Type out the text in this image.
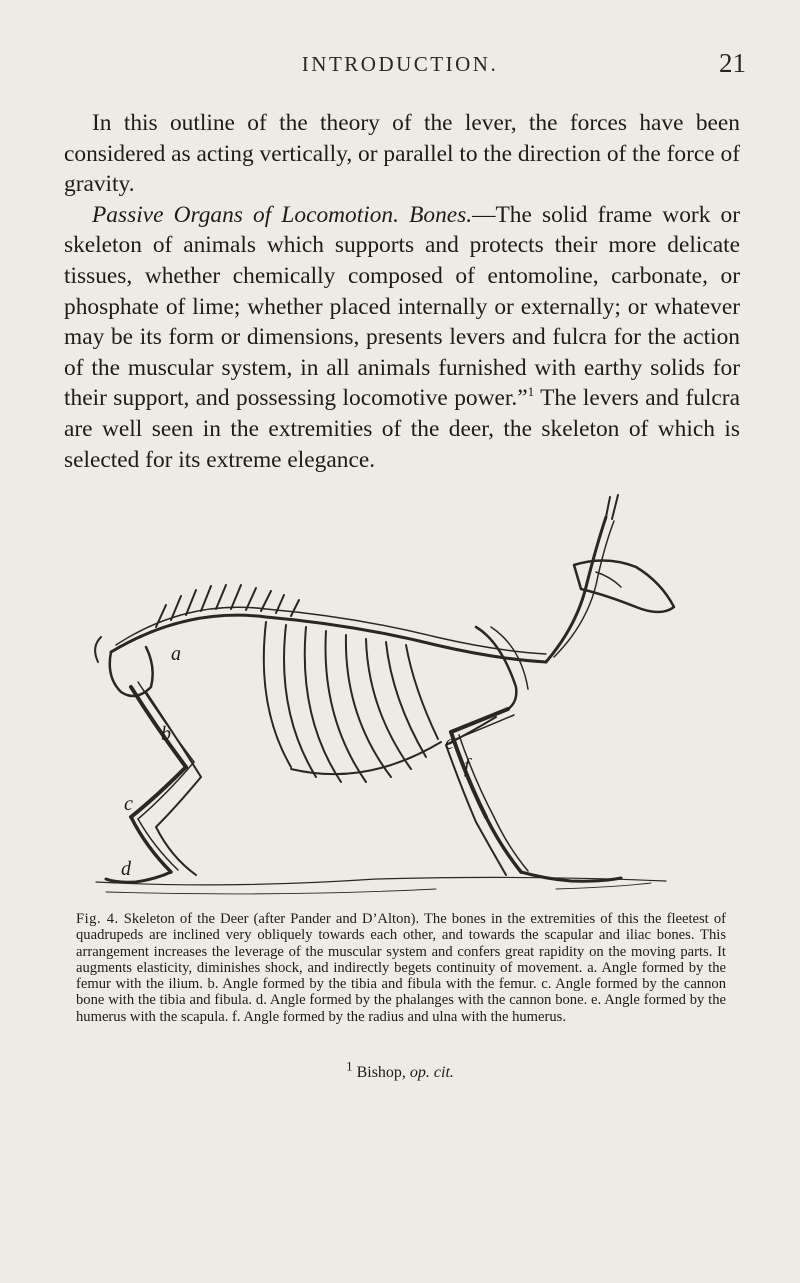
INTRODUCTION.	21

In this outline of the theory of the lever, the forces have been considered as acting vertically, or parallel to the direction of the force of gravity.

Passive Organs of Locomotion. Bones.—The solid frame work or skeleton of animals which supports and protects their more delicate tissues, whether chemically composed of entomoline, carbonate, or phosphate of lime; whether placed internally or externally; or whatever may be its form or dimensions, presents levers and fulcra for the action of the muscular system, in all animals furnished with earthy solids for their support, and possessing locomotive power.”$^1$ The levers and fulcra are well seen in the extremities of the deer, the skeleton of which is selected for its extreme elegance.

a
b
c
d
e
f

Fig. 4. Skeleton of the Deer (after Pander and D’Alton). The bones in the extremities of this the fleetest of quadrupeds are inclined very obliquely towards each other, and towards the scapular and iliac bones. This arrangement increases the leverage of the muscular system and confers great rapidity on the moving parts. It augments elasticity, diminishes shock, and indirectly begets continuity of movement. a. Angle formed by the femur with the ilium. b. Angle formed by the tibia and fibula with the femur. c. Angle formed by the cannon bone with the tibia and fibula. d. Angle formed by the phalanges with the cannon bone. e. Angle formed by the humerus with the scapula. f. Angle formed by the radius and ulna with the humerus.

$^1$ Bishop, op. cit.
